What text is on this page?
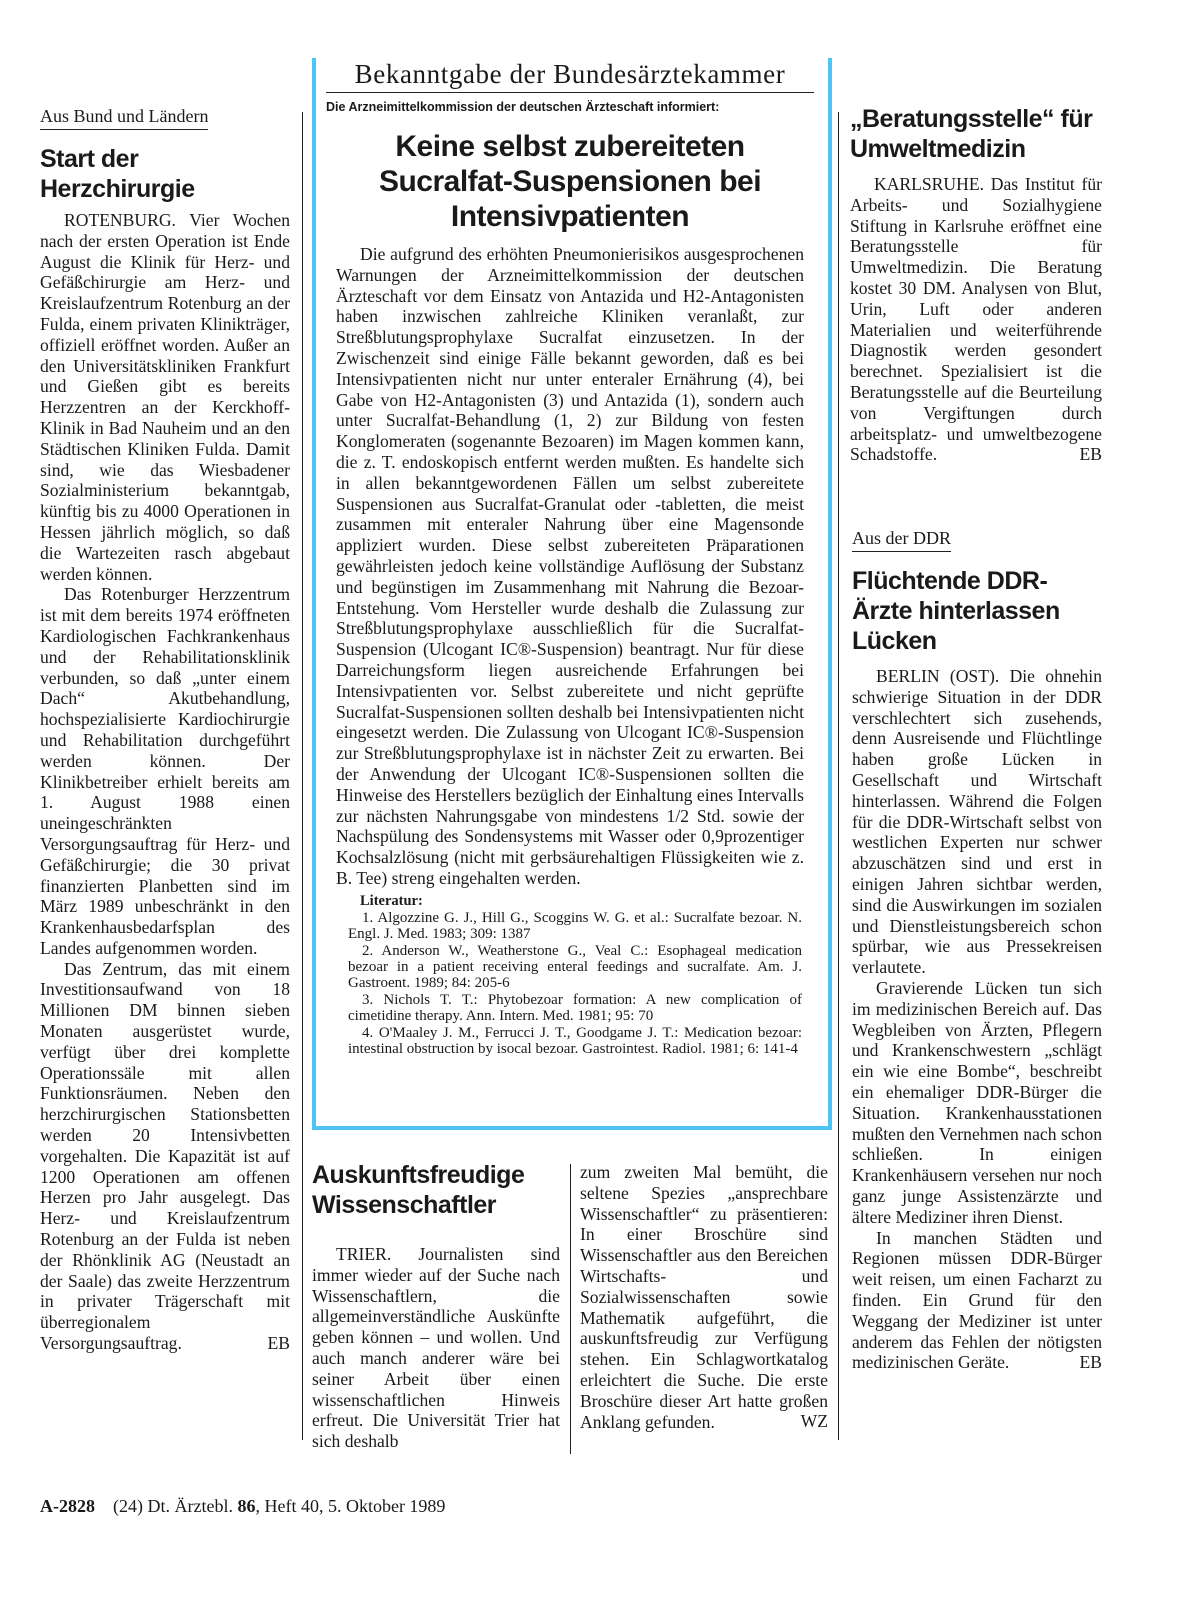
Aus Bund und Ländern
Start der Herzchirurgie

ROTENBURG. Vier Wochen nach der ersten Operation ist Ende August die Klinik für Herz- und Gefäßchirurgie am Herz- und Kreislaufzentrum Rotenburg an der Fulda, einem privaten Klinikträger, offiziell eröffnet worden. Außer an den Universitätskliniken Frankfurt und Gießen gibt es bereits Herzzentren an der Kerckhoff-Klinik in Bad Nauheim und an den Städtischen Kliniken Fulda. Damit sind, wie das Wiesbadener Sozialministerium bekanntgab, künftig bis zu 4000 Operationen in Hessen jährlich möglich, so daß die Wartezeiten rasch abgebaut werden können.

Das Rotenburger Herzzentrum ist mit dem bereits 1974 eröffneten Kardiologischen Fachkrankenhaus und der Rehabilitationsklinik verbunden, so daß „unter einem Dach“ Akutbehandlung, hochspezialisierte Kardiochirurgie und Rehabilitation durchgeführt werden können. Der Klinikbetreiber erhielt bereits am 1. August 1988 einen uneingeschränkten Versorgungsauftrag für Herz- und Gefäßchirurgie; die 30 privat finanzierten Planbetten sind im März 1989 unbeschränkt in den Krankenhausbedarfsplan des Landes aufgenommen worden.

Das Zentrum, das mit einem Investitionsaufwand von 18 Millionen DM binnen sieben Monaten ausgerüstet wurde, verfügt über drei komplette Operationssäle mit allen Funktionsräumen. Neben den herzchirurgischen Stationsbetten werden 20 Intensivbetten vorgehalten. Die Kapazität ist auf 1200 Operationen am offenen Herzen pro Jahr ausgelegt. Das Herz- und Kreislaufzentrum Rotenburg an der Fulda ist neben der Rhönklinik AG (Neustadt an der Saale) das zweite Herzzentrum in privater Trägerschaft mit überregionalem Versorgungsauftrag.	EB
Bekanntgabe der Bundesärztekammer
Die Arzneimittelkommission der deutschen Ärzteschaft informiert:
Keine selbst zubereiteten Sucralfat-Suspensionen bei Intensivpatienten

Die aufgrund des erhöhten Pneumonierisikos ausgesprochenen Warnungen der Arzneimittelkommission der deutschen Ärzteschaft vor dem Einsatz von Antazida und H2-Antagonisten haben inzwischen zahlreiche Kliniken veranlaßt, zur Streßblutungsprophylaxe Sucralfat einzusetzen. In der Zwischenzeit sind einige Fälle bekannt geworden, daß es bei Intensivpatienten nicht nur unter enteraler Ernährung (4), bei Gabe von H2-Antagonisten (3) und Antazida (1), sondern auch unter Sucralfat-Behandlung (1, 2) zur Bildung von festen Konglomeraten (sogenannte Bezoaren) im Magen kommen kann, die z. T. endoskopisch entfernt werden mußten. Es handelte sich in allen bekanntgewordenen Fällen um selbst zubereitete Suspensionen aus Sucralfat-Granulat oder -tabletten, die meist zusammen mit enteraler Nahrung über eine Magensonde appliziert wurden. Diese selbst zubereiteten Präparationen gewährleisten jedoch keine vollständige Auflösung der Substanz und begünstigen im Zusammenhang mit Nahrung die Bezoar-Entstehung. Vom Hersteller wurde deshalb die Zulassung zur Streßblutungsprophylaxe ausschließlich für die Sucralfat-Suspension (Ulcogant IC®-Suspension) beantragt. Nur für diese Darreichungsform liegen ausreichende Erfahrungen bei Intensivpatienten vor. Selbst zubereitete und nicht geprüfte Sucralfat-Suspensionen sollten deshalb bei Intensivpatienten nicht eingesetzt werden. Die Zulassung von Ulcogant IC®-Suspension zur Streßblutungsprophylaxe ist in nächster Zeit zu erwarten. Bei der Anwendung der Ulcogant IC®-Suspensionen sollten die Hinweise des Herstellers bezüglich der Einhaltung eines Intervalls zur nächsten Nahrungsgabe von mindestens 1/2 Std. sowie der Nachspülung des Sondensystems mit Wasser oder 0,9prozentiger Kochsalzlösung (nicht mit gerbsäurehaltigen Flüssigkeiten wie z. B. Tee) streng eingehalten werden.

Literatur:

1. Algozzine G. J., Hill G., Scoggins W. G. et al.: Sucralfate bezoar. N. Engl. J. Med. 1983; 309: 1387

2. Anderson W., Weatherstone G., Veal C.: Esophageal medication bezoar in a patient receiving enteral feedings and sucralfate. Am. J. Gastroent. 1989; 84: 205-6

3. Nichols T. T.: Phytobezoar formation: A new complication of cimetidine therapy. Ann. Intern. Med. 1981; 95: 70

4. O'Maaley J. M., Ferrucci J. T., Goodgame J. T.: Medication bezoar: intestinal obstruction by isocal bezoar. Gastrointest. Radiol. 1981; 6: 141-4

Auskunftsfreudige Wissenschaftler

TRIER. Journalisten sind immer wieder auf der Suche nach Wissenschaftlern, die allgemeinverständliche Auskünfte geben können – und wollen. Und auch manch anderer wäre bei seiner Arbeit über einen wissenschaftlichen Hinweis erfreut. Die Universität Trier hat sich deshalb

zum zweiten Mal bemüht, die seltene Spezies „ansprechbare Wissenschaftler“ zu präsentieren: In einer Broschüre sind Wissenschaftler aus den Bereichen Wirtschafts- und Sozialwissenschaften sowie Mathematik aufgeführt, die auskunftsfreudig zur Verfügung stehen. Ein Schlagwortkatalog erleichtert die Suche. Die erste Broschüre dieser Art hatte großen Anklang gefunden.	WZ
„Beratungsstelle“ für Umweltmedizin

KARLSRUHE. Das Institut für Arbeits- und Sozialhygiene Stiftung in Karlsruhe eröffnet eine Beratungsstelle für Umweltmedizin. Die Beratung kostet 30 DM. Analysen von Blut, Urin, Luft oder anderen Materialien und weiterführende Diagnostik werden gesondert berechnet. Spezialisiert ist die Beratungsstelle auf die Beurteilung von Vergiftungen durch arbeitsplatz- und umweltbezogene Schadstoffe.	EB
Aus der DDR
Flüchtende DDR-Ärzte hinterlassen Lücken

BERLIN (OST). Die ohnehin schwierige Situation in der DDR verschlechtert sich zusehends, denn Ausreisende und Flüchtlinge haben große Lücken in Gesellschaft und Wirtschaft hinterlassen. Während die Folgen für die DDR-Wirtschaft selbst von westlichen Experten nur schwer abzuschätzen sind und erst in einigen Jahren sichtbar werden, sind die Auswirkungen im sozialen und Dienstleistungsbereich schon spürbar, wie aus Pressekreisen verlautete.

Gravierende Lücken tun sich im medizinischen Bereich auf. Das Wegbleiben von Ärzten, Pflegern und Krankenschwestern „schlägt ein wie eine Bombe“, beschreibt ein ehemaliger DDR-Bürger die Situation. Krankenhausstationen mußten den Vernehmen nach schon schließen. In einigen Krankenhäusern versehen nur noch ganz junge Assistenzärzte und ältere Mediziner ihren Dienst.

In manchen Städten und Regionen müssen DDR-Bürger weit reisen, um einen Facharzt zu finden. Ein Grund für den Weggang der Mediziner ist unter anderem das Fehlen der nötigsten medizinischen Geräte.	EB
A-2828 (24) Dt. Ärztebl. 86, Heft 40, 5. Oktober 1989
